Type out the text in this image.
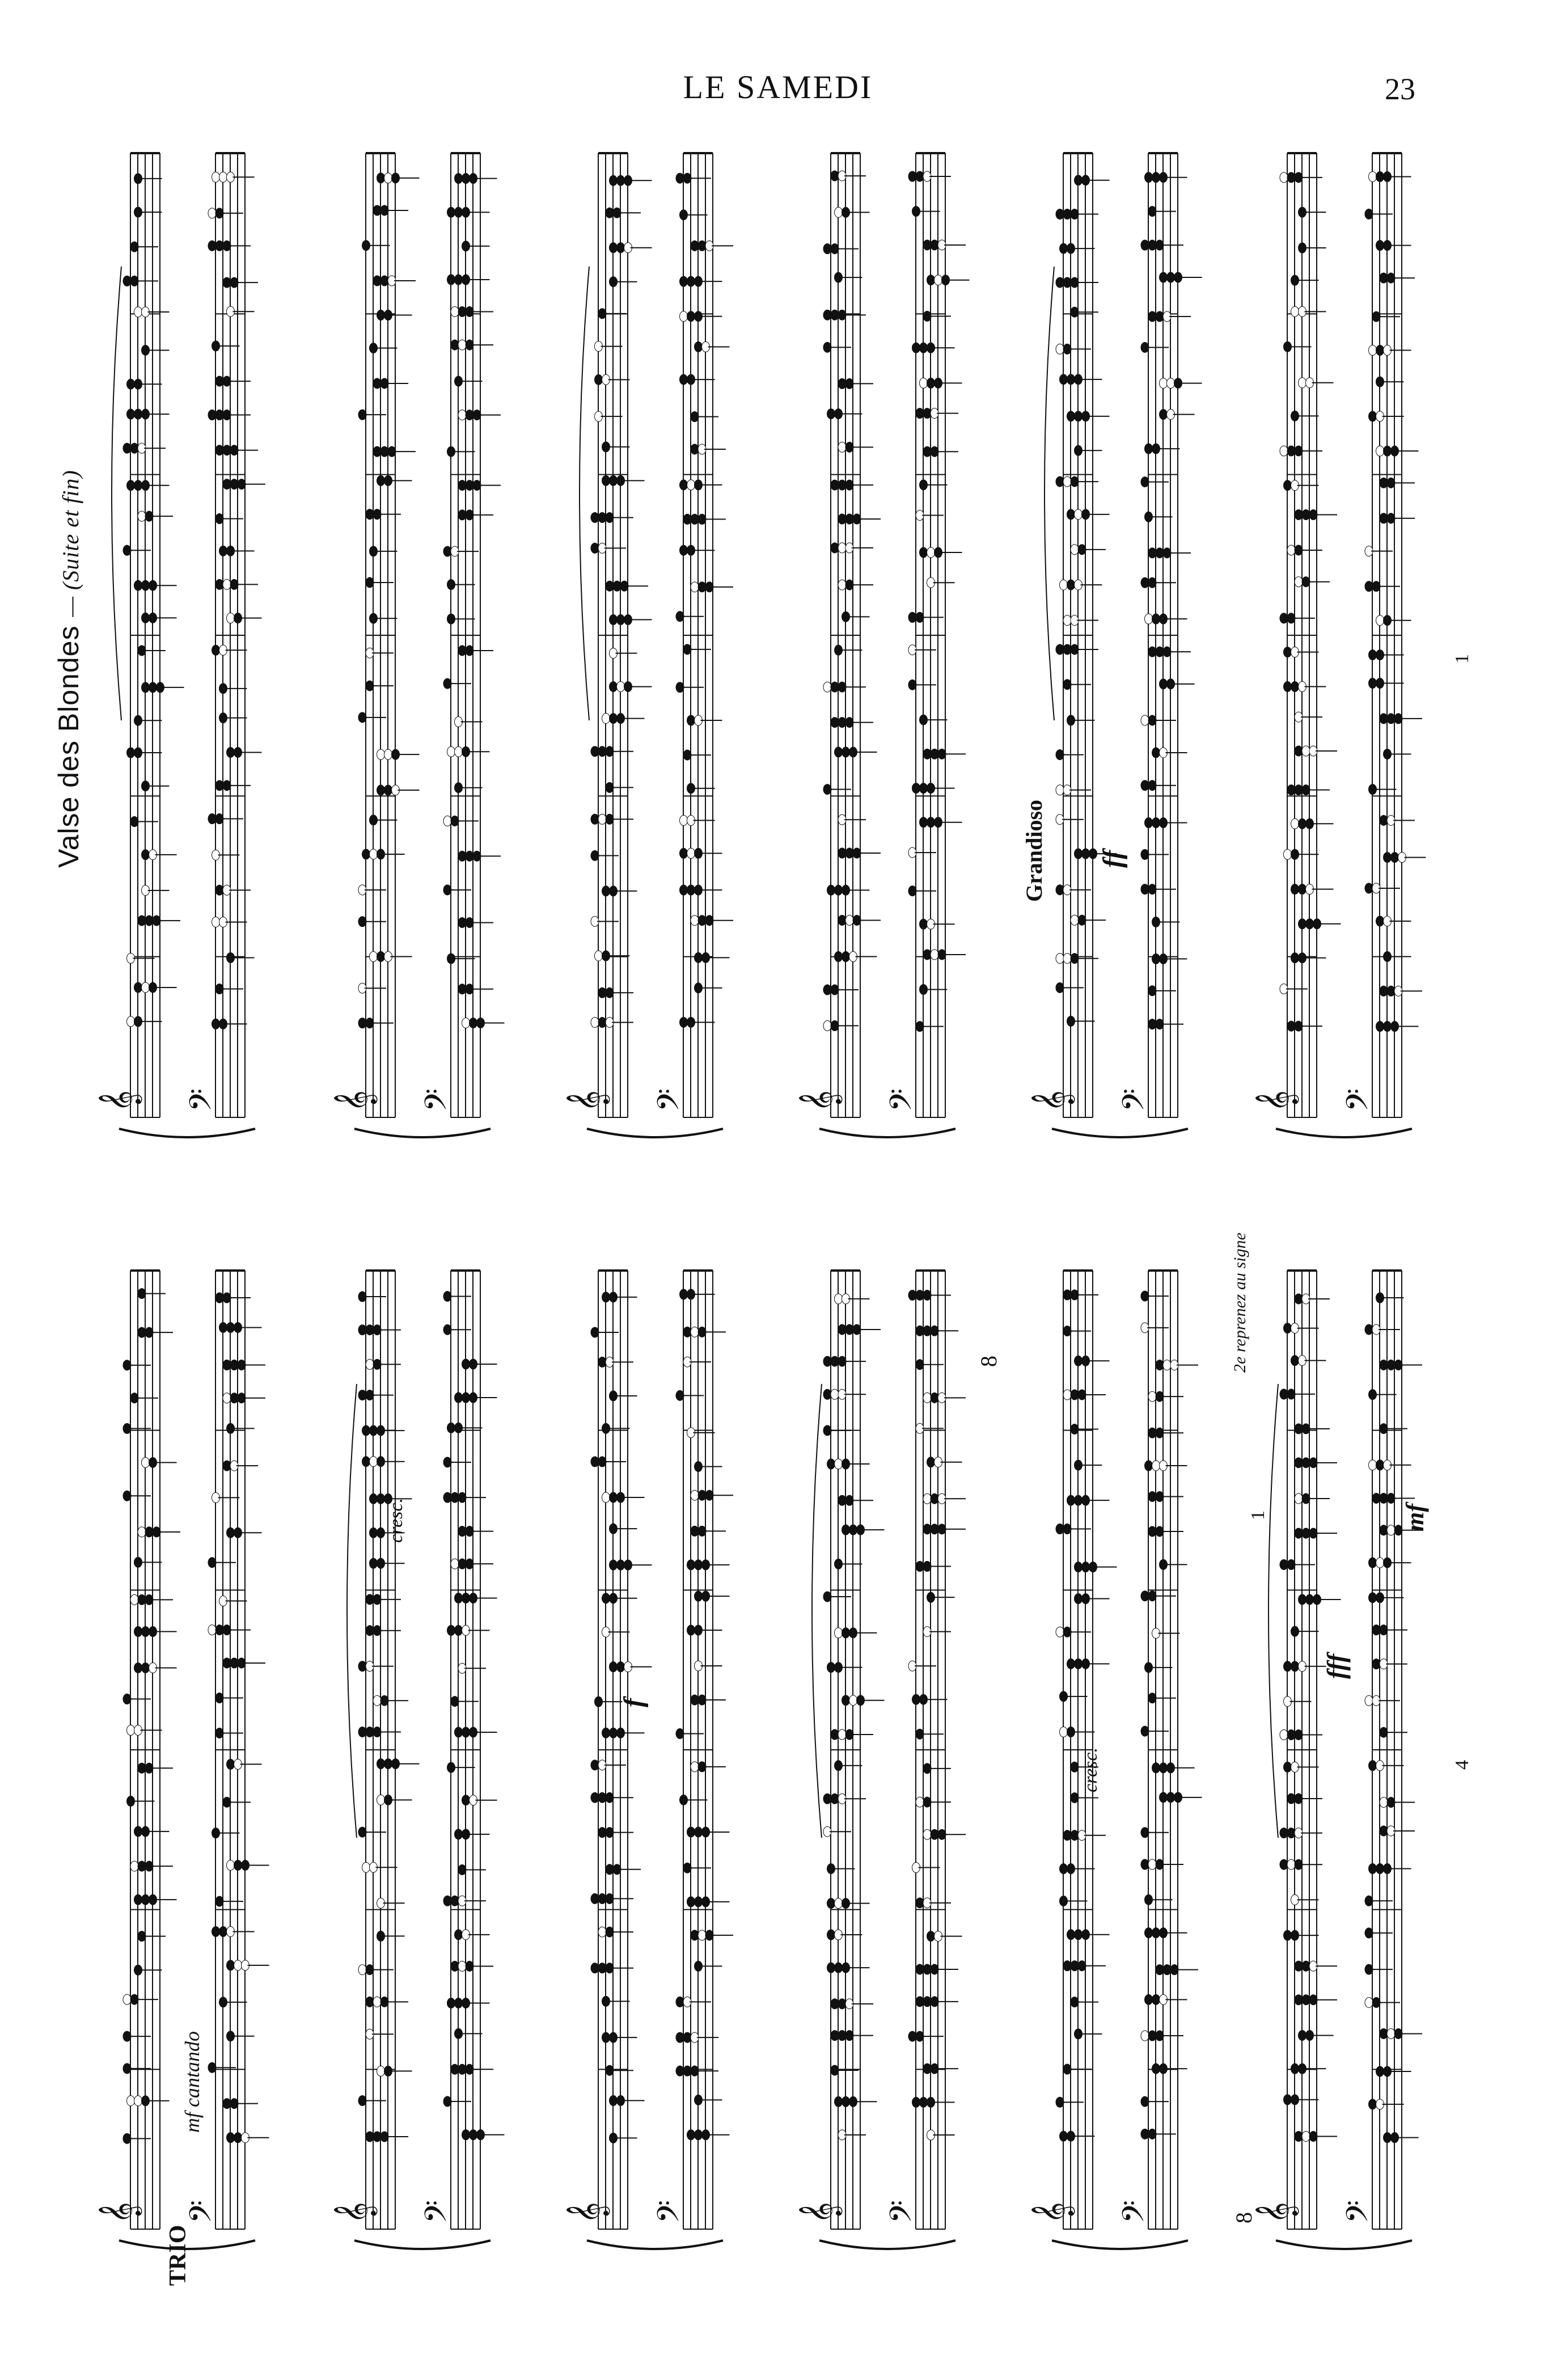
LE SAMEDI	23
Valse des Blondes — (Suite et fin)
𝄞 𝄢	𝄞 𝄢	𝄞 𝄢	𝄞 𝄢	𝄞 𝄢	𝄞 𝄢
𝄞 𝄢	𝄞 𝄢	𝄞 𝄢	𝄞 𝄢	𝄞 𝄢	𝄞 𝄢
Grandioso ff
TRIO
mf cantando
cresc.
f
cresc.
8
8
fff
mf
2e reprenez au signe
1
1
4
